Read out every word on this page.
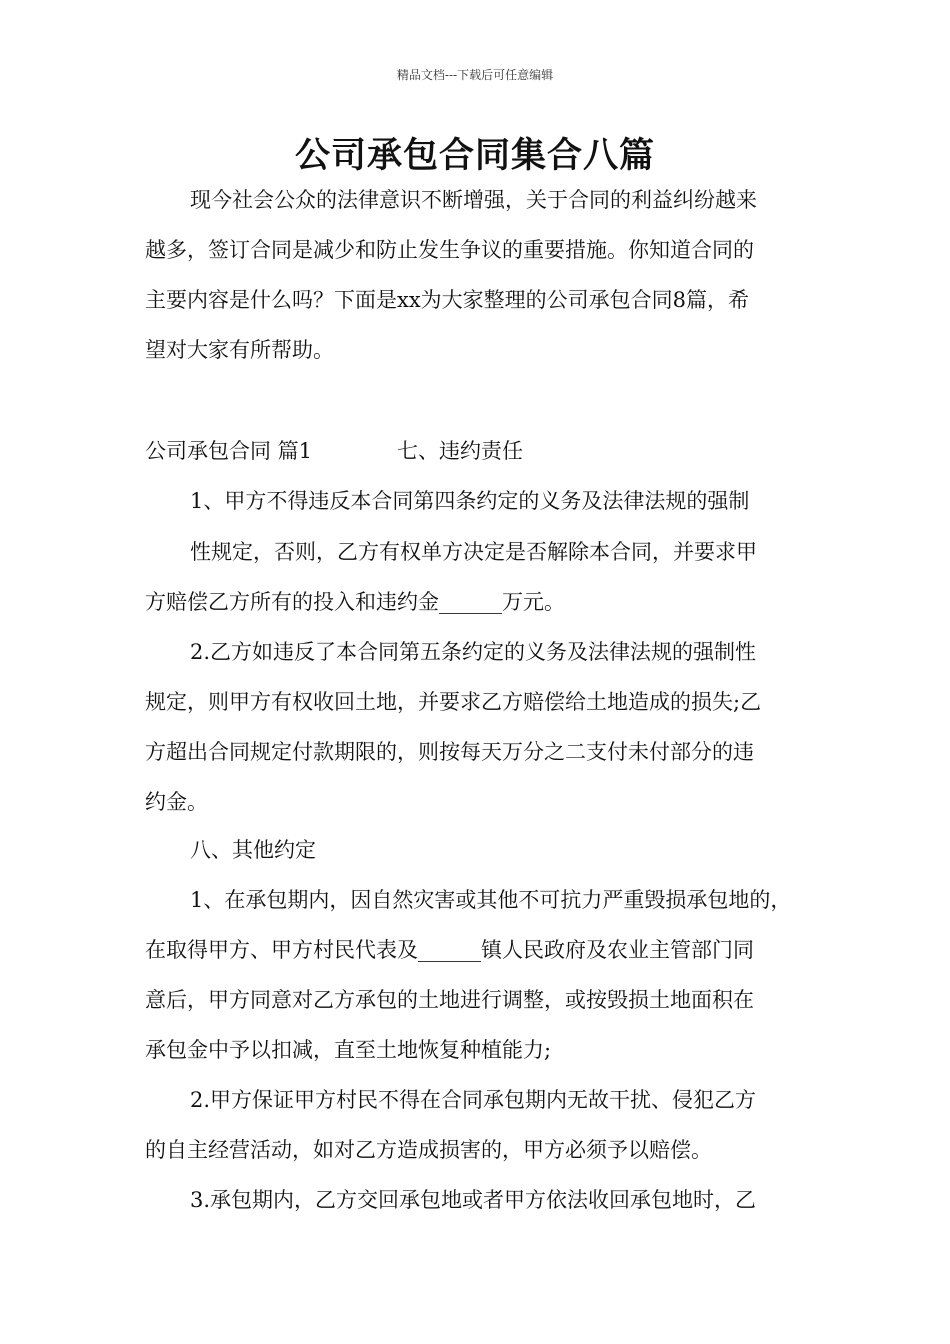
精品文档---下载后可任意编辑
公司承包合同集合八篇
现今社会公众的法律意识不断增强，关于合同的利益纠纷越来
越多，签订合同是减少和防止发生争议的重要措施。你知道合同的
主要内容是什么吗？下面是xx为大家整理的公司承包合同8篇，希
望对大家有所帮助。
公司承包合同 篇1	七、违约责任
1、甲方不得违反本合同第四条约定的义务及法律法规的强制
性规定，否则，乙方有权单方决定是否解除本合同，并要求甲
方赔偿乙方所有的投入和违约金______万元。
2.乙方如违反了本合同第五条约定的义务及法律法规的强制性
规定，则甲方有权收回土地，并要求乙方赔偿给土地造成的损失;乙
方超出合同规定付款期限的，则按每天万分之二支付未付部分的违
约金。
八、其他约定
1、在承包期内，因自然灾害或其他不可抗力严重毁损承包地的，
在取得甲方、甲方村民代表及______镇人民政府及农业主管部门同
意后，甲方同意对乙方承包的土地进行调整，或按毁损土地面积在
承包金中予以扣减，直至土地恢复种植能力;
2.甲方保证甲方村民不得在合同承包期内无故干扰、侵犯乙方
的自主经营活动，如对乙方造成损害的，甲方必须予以赔偿。
3.承包期内，乙方交回承包地或者甲方依法收回承包地时，乙
